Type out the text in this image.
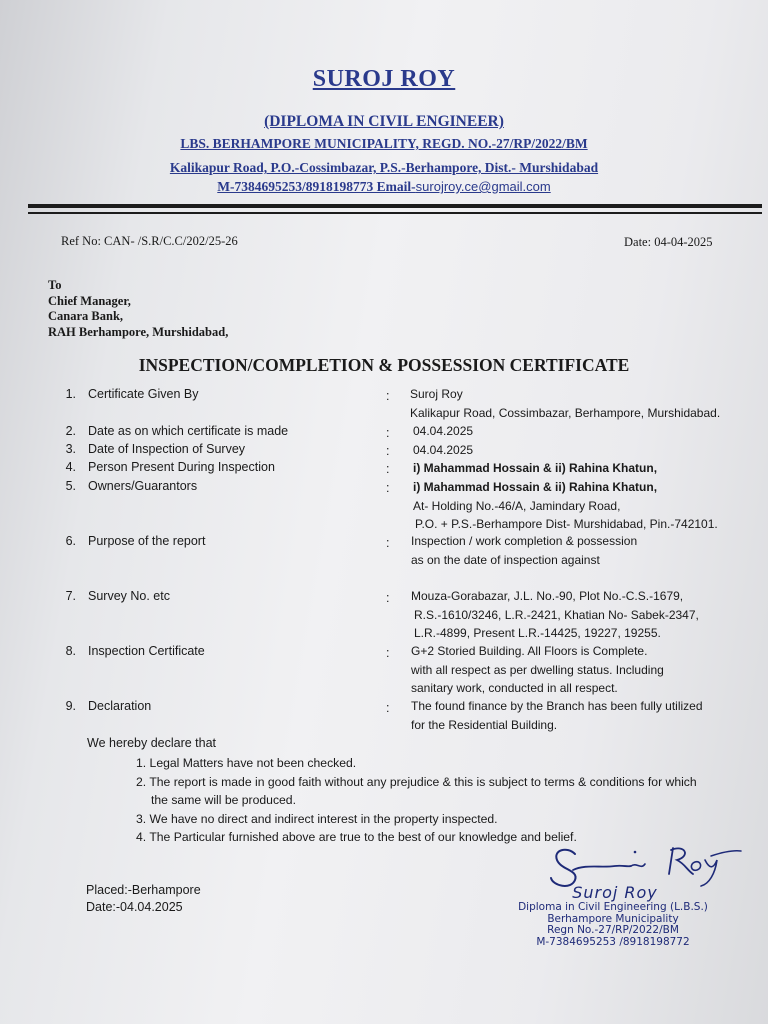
SUROJ ROY
(DIPLOMA IN CIVIL ENGINEER)
LBS. BERHAMPORE MUNICIPALITY, REGD. NO.-27/RP/2022/BM
Kalikapur Road, P.O.-Cossimbazar, P.S.-Berhampore, Dist.- Murshidabad
M-7384695253/8918198773 Email-surojroy.ce@gmail.com
Ref No: CAN- /S.R/C.C/202/25-26	Date: 04-04-2025
To
Chief Manager,
Canara Bank,
RAH Berhampore, Murshidabad,
INSPECTION/COMPLETION & POSSESSION CERTIFICATE
1. Certificate Given By	: Suroj Roy
Kalikapur Road, Cossimbazar, Berhampore, Murshidabad.
2. Date as on which certificate is made	: 04.04.2025
3. Date of Inspection of Survey	: 04.04.2025
4. Person Present During Inspection	: i) Mahammad Hossain & ii) Rahina Khatun,
5. Owners/Guarantors	: i) Mahammad Hossain & ii) Rahina Khatun,
At- Holding No.-46/A, Jamindary Road,
P.O. + P.S.-Berhampore Dist- Murshidabad, Pin.-742101.
6. Purpose of the report	: Inspection / work completion & possession
as on the date of inspection against
7. Survey No. etc	: Mouza-Gorabazar, J.L. No.-90, Plot No.-C.S.-1679,
R.S.-1610/3246, L.R.-2421, Khatian No- Sabek-2347,
L.R.-4899, Present L.R.-14425, 19227, 19255.
8. Inspection Certificate	: G+2 Storied Building. All Floors is Complete.
with all respect as per dwelling status. Including
sanitary work, conducted in all respect.
9. Declaration	: The found finance by the Branch has been fully utilized
for the Residential Building.
We hereby declare that
1. Legal Matters have not been checked.
2. The report is made in good faith without any prejudice & this is subject to terms & conditions for which
the same will be produced.
3. We have no direct and indirect interest in the property inspected.
4. The Particular furnished above are true to the best of our knowledge and belief.
Placed:-Berhampore
Date:-04.04.2025
Suroj Roy
Diploma in Civil Engineering (L.B.S.)
Berhampore Municipality
Regn No.-27/RP/2022/BM
M-7384695253 /8918198772
